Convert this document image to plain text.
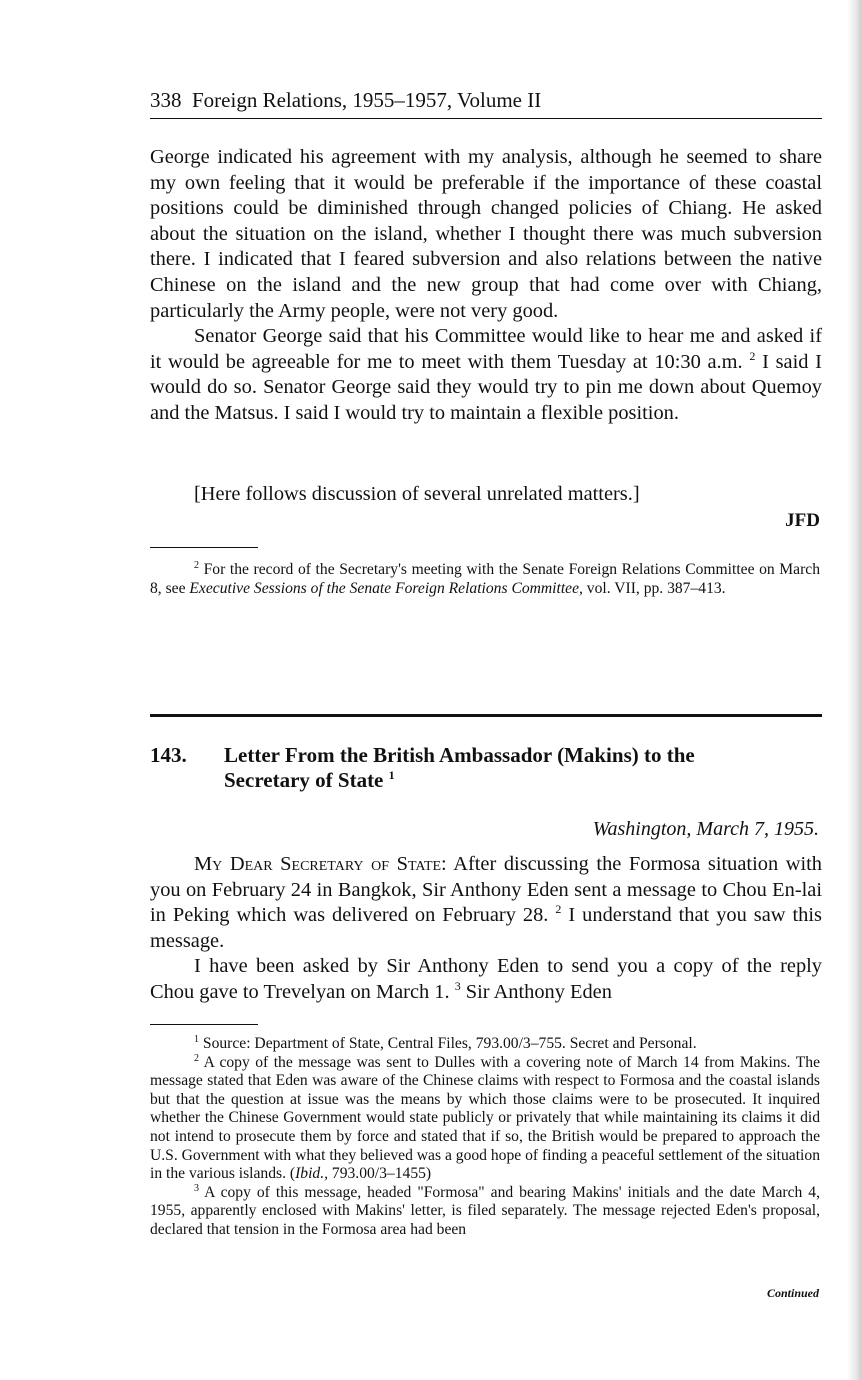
338 Foreign Relations, 1955–1957, Volume II

George indicated his agreement with my analysis, although he seemed to share my own feeling that it would be preferable if the importance of these coastal positions could be diminished through changed policies of Chiang. He asked about the situation on the island, whether I thought there was much subversion there. I indicated that I feared subversion and also relations between the native Chinese on the island and the new group that had come over with Chiang, particularly the Army people, were not very good.

Senator George said that his Committee would like to hear me and asked if it would be agreeable for me to meet with them Tuesday at 10:30 a.m. $^2$ I said I would do so. Senator George said they would try to pin me down about Quemoy and the Matsus. I said I would try to maintain a flexible position.

[Here follows discussion of several unrelated matters.]
JFD

$^2$ For the record of the Secretary's meeting with the Senate Foreign Relations Committee on March 8, see Executive Sessions of the Senate Foreign Relations Committee, vol. VII, pp. 387–413.

143. Letter From the British Ambassador (Makins) to the Secretary of State $^1$
Washington, March 7, 1955.

My Dear Secretary of State: After discussing the Formosa situation with you on February 24 in Bangkok, Sir Anthony Eden sent a message to Chou En-lai in Peking which was delivered on February 28. $^2$ I understand that you saw this message.

I have been asked by Sir Anthony Eden to send you a copy of the reply Chou gave to Trevelyan on March 1. $^3$ Sir Anthony Eden

$^1$ Source: Department of State, Central Files, 793.00/3–755. Secret and Personal.

$^2$ A copy of the message was sent to Dulles with a covering note of March 14 from Makins. The message stated that Eden was aware of the Chinese claims with respect to Formosa and the coastal islands but that the question at issue was the means by which those claims were to be prosecuted. It inquired whether the Chinese Government would state publicly or privately that while maintaining its claims it did not intend to prosecute them by force and stated that if so, the British would be prepared to approach the U.S. Government with what they believed was a good hope of finding a peaceful settlement of the situation in the various islands. (Ibid., 793.00/3–1455)

$^3$ A copy of this message, headed "Formosa" and bearing Makins' initials and the date March 4, 1955, apparently enclosed with Makins' letter, is filed separately. The message rejected Eden's proposal, declared that tension in the Formosa area had been

Continued
